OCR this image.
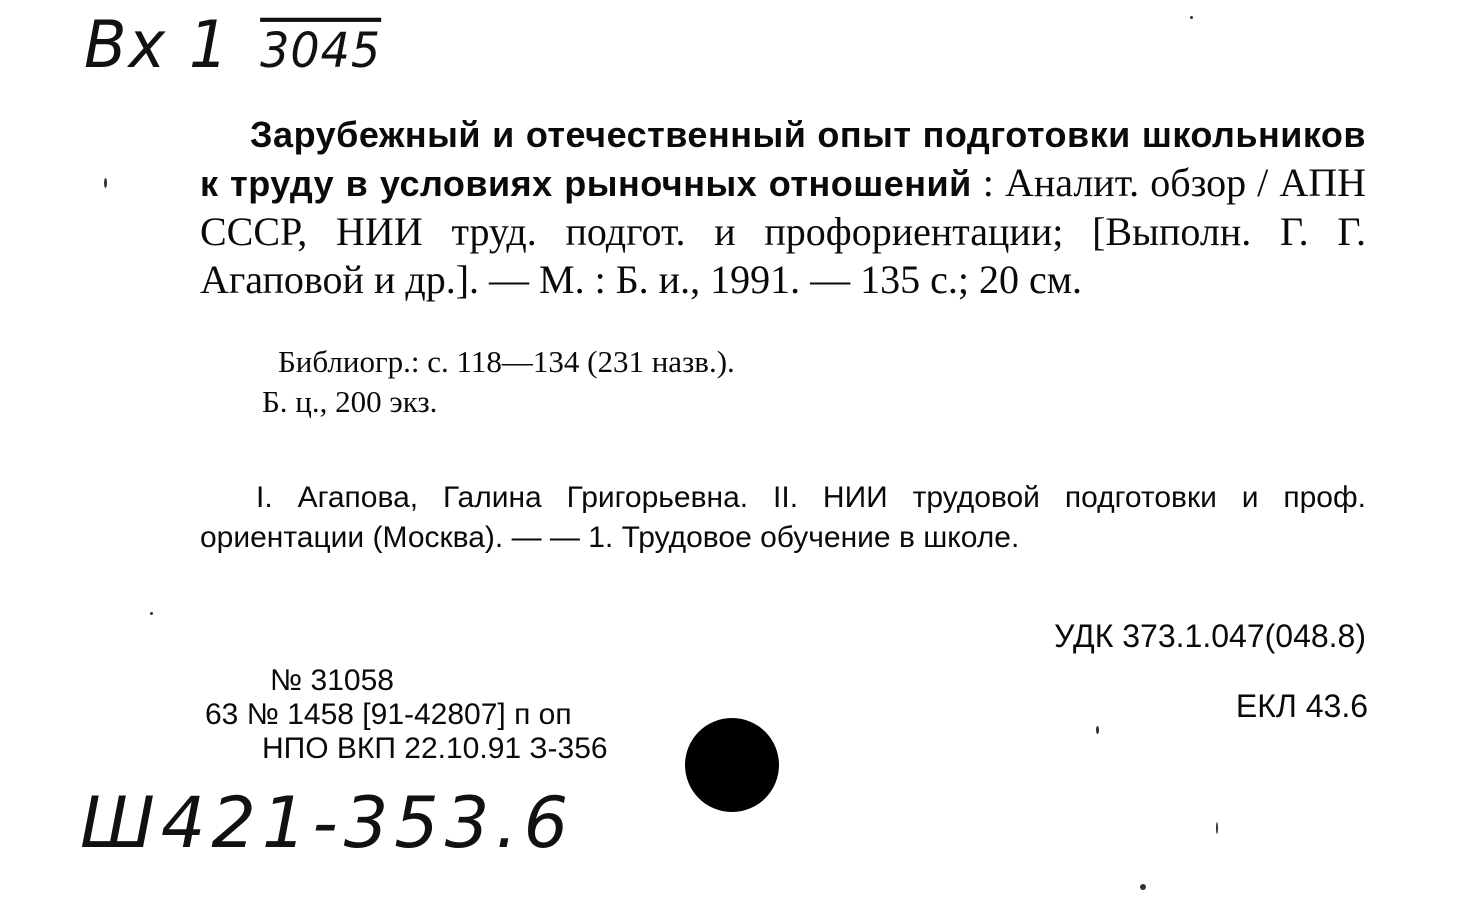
Вх 1 3045
Зарубежный и отечественный опыт подготовки школьников к труду в условиях рыночных отношений : Аналит. обзор / АПН СССР, НИИ труд. подгот. и профориентации; [Выполн. Г. Г. Агаповой и др.]. — М. : Б. и., 1991. — 135 с.; 20 см.
Библиогр.: с. 118—134 (231 назв.).
Б. ц., 200 экз.
I. Агапова, Галина Григорьевна. II. НИИ трудовой подготовки и проф. ориентации (Москва). — — 1. Трудовое обучение в школе.
УДК 373.1.047(048.8)
ЕКЛ 43.6
№ 31058
63 № 1458 [91-42807] п оп
НПО ВКП 22.10.91 З-356
Ш421-353.6
